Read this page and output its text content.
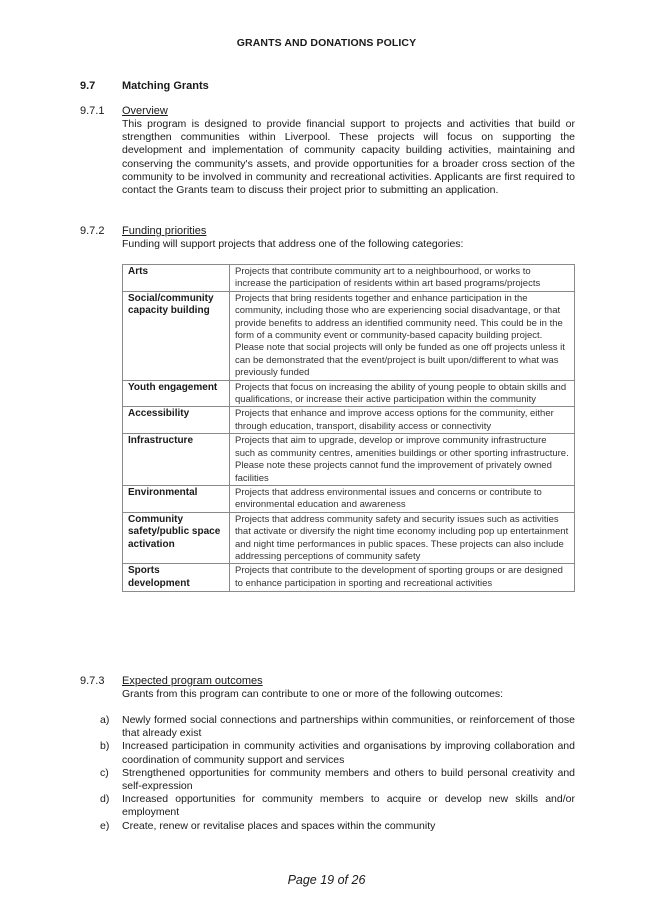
GRANTS AND DONATIONS POLICY
9.7 Matching Grants
9.7.1 Overview
This program is designed to provide financial support to projects and activities that build or strengthen communities within Liverpool. These projects will focus on supporting the development and implementation of community capacity building activities, maintaining and conserving the community's assets, and provide opportunities for a broader cross section of the community to be involved in community and recreational activities. Applicants are first required to contact the Grants team to discuss their project prior to submitting an application.
9.7.2 Funding priorities
Funding will support projects that address one of the following categories:
Arts	Projects that contribute community art to a neighbourhood, or works to increase the participation of residents within art based programs/projects
Social/community capacity building	Projects that bring residents together and enhance participation in the community, including those who are experiencing social disadvantage, or that provide benefits to address an identified community need. This could be in the form of a community event or community-based capacity building project. Please note that social projects will only be funded as one off projects unless it can be demonstrated that the event/project is built upon/different to what was previously funded
Youth engagement	Projects that focus on increasing the ability of young people to obtain skills and qualifications, or increase their active participation within the community
Accessibility	Projects that enhance and improve access options for the community, either through education, transport, disability access or connectivity
Infrastructure	Projects that aim to upgrade, develop or improve community infrastructure such as community centres, amenities buildings or other sporting infrastructure. Please note these projects cannot fund the improvement of privately owned facilities
Environmental	Projects that address environmental issues and concerns or contribute to environmental education and awareness
Community safety/public space activation	Projects that address community safety and security issues such as activities that activate or diversify the night time economy including pop up entertainment and night time performances in public spaces. These projects can also include addressing perceptions of community safety
Sports development	Projects that contribute to the development of sporting groups or are designed to enhance participation in sporting and recreational activities
9.7.3 Expected program outcomes
Grants from this program can contribute to one or more of the following outcomes:
a) Newly formed social connections and partnerships within communities, or reinforcement of those that already exist
b) Increased participation in community activities and organisations by improving collaboration and coordination of community support and services
c) Strengthened opportunities for community members and others to build personal creativity and self-expression
d) Increased opportunities for community members to acquire or develop new skills and/or employment
e) Create, renew or revitalise places and spaces within the community
Page 19 of 26
